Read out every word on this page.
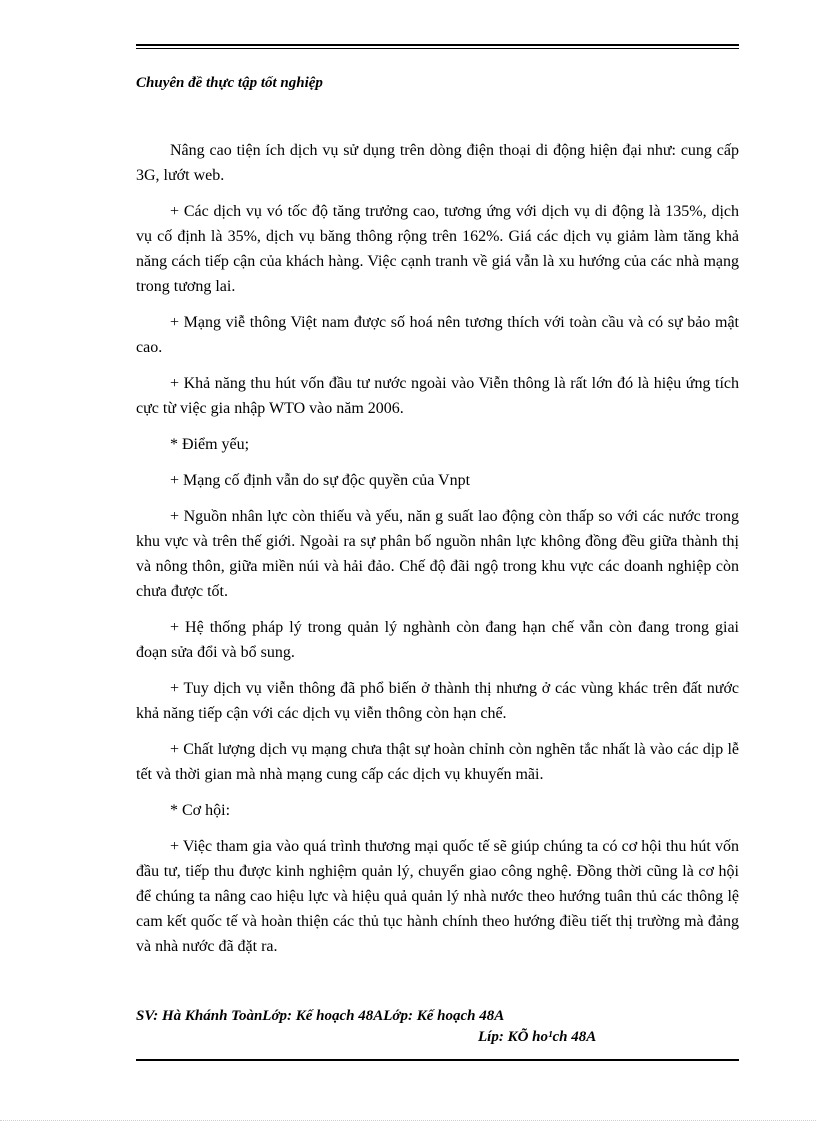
Chuyên đề thực tập tốt nghiệp

Nâng cao tiện ích dịch vụ sử dụng trên dòng điện thoại di động hiện đại như: cung cấp 3G, lướt web.

+ Các dịch vụ vó tốc độ tăng trưởng cao, tương ứng với dịch vụ di động là 135%, dịch vụ cố định là 35%, dịch vụ băng thông rộng trên 162%. Giá các dịch vụ giảm làm tăng khả năng cách tiếp cận của khách hàng. Việc cạnh tranh về giá vẫn là xu hướng của các nhà mạng trong tương lai.

+ Mạng viễ thông Việt nam được số hoá nên tương thích với toàn cầu và có sự bảo mật cao.

+ Khả năng thu hút vốn đầu tư nước ngoài vào Viễn thông là rất lớn đó là hiệu ứng tích cực từ việc gia nhập WTO vào năm 2006.

* Điểm yếu;

+ Mạng cố định vẫn do sự độc quyền của Vnpt

+ Nguồn nhân lực còn thiếu và yếu, năn g suất lao động còn thấp so với các nước trong khu vực và trên thế giới. Ngoài ra sự phân bố nguồn nhân lực không đồng đều giữa thành thị và nông thôn, giữa miền núi và hải đảo. Chế độ đãi ngộ trong khu vực các doanh nghiệp còn chưa được tốt.

+ Hệ thống pháp lý trong quản lý nghành còn đang hạn chế vẫn còn đang trong giai đoạn sửa đổi và bổ sung.

+ Tuy dịch vụ viễn thông đã phổ biến ở thành thị nhưng ở các vùng khác trên đất nước khả năng tiếp cận với các dịch vụ viễn thông còn hạn chế.

+ Chất lượng dịch vụ mạng chưa thật sự hoàn chỉnh còn nghẽn tắc nhất là vào các dịp lễ tết và thời gian mà nhà mạng cung cấp các dịch vụ khuyến mãi.

* Cơ hội:

+ Việc tham gia vào quá trình thương mại quốc tế sẽ giúp chúng ta có cơ hội thu hút vốn đầu tư, tiếp thu được kinh nghiệm quản lý, chuyển giao công nghệ. Đồng thời cũng là cơ hội để chúng ta nâng cao hiệu lực và hiệu quả quản lý nhà nước theo hướng tuân thủ các thông lệ cam kết quốc tế và hoàn thiện các thủ tục hành chính theo hướng điều tiết thị trường mà đảng và nhà nước đã đặt ra.

SV: Hà Khánh ToànLớp: Kế hoạch 48ALớp: Kế hoạch 48A
Líp: KÕ ho¹ch 48A
